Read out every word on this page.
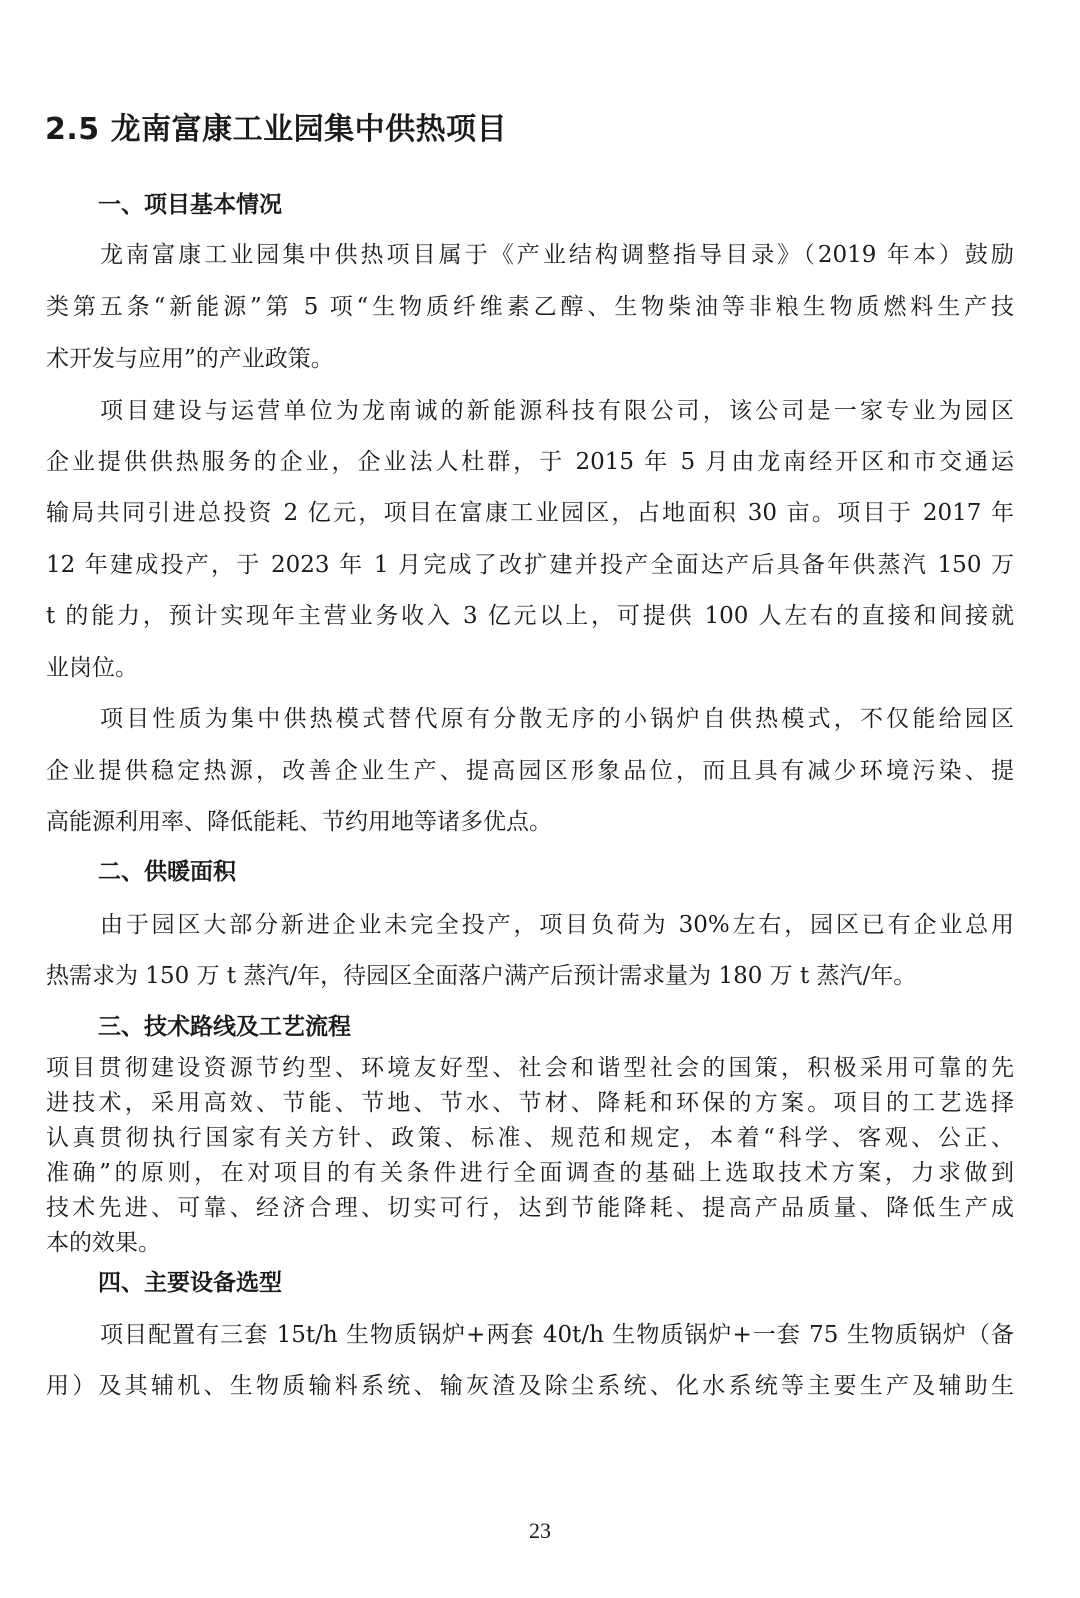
2.5 龙南富康工业园集中供热项目
一、项目基本情况
龙南富康工业园集中供热项目属于《产业结构调整指导目录》（2019 年本）鼓励
类第五条“新能源”第 5 项“生物质纤维素乙醇、生物柴油等非粮生物质燃料生产技
术开发与应用”的产业政策。
项目建设与运营单位为龙南诚的新能源科技有限公司，该公司是一家专业为园区
企业提供供热服务的企业，企业法人杜群，于 2015 年 5 月由龙南经开区和市交通运
输局共同引进总投资 2 亿元，项目在富康工业园区，占地面积 30 亩。项目于 2017 年
12 年建成投产，于 2023 年 1 月完成了改扩建并投产全面达产后具备年供蒸汽 150 万
t 的能力，预计实现年主营业务收入 3 亿元以上，可提供 100 人左右的直接和间接就
业岗位。
项目性质为集中供热模式替代原有分散无序的小锅炉自供热模式，不仅能给园区
企业提供稳定热源，改善企业生产、提高园区形象品位，而且具有减少环境污染、提
高能源利用率、降低能耗、节约用地等诸多优点。
二、供暖面积
由于园区大部分新进企业未完全投产，项目负荷为 30%左右，园区已有企业总用
热需求为 150 万 t 蒸汽/年，待园区全面落户满产后预计需求量为 180 万 t 蒸汽/年。
三、技术路线及工艺流程
项目贯彻建设资源节约型、环境友好型、社会和谐型社会的国策，积极采用可靠的先
进技术，采用高效、节能、节地、节水、节材、降耗和环保的方案。项目的工艺选择
认真贯彻执行国家有关方针、政策、标准、规范和规定，本着“科学、客观、公正、
准确”的原则，在对项目的有关条件进行全面调查的基础上选取技术方案，力求做到
技术先进、可靠、经济合理、切实可行，达到节能降耗、提高产品质量、降低生产成
本的效果。
四、主要设备选型
项目配置有三套 15t/h 生物质锅炉+两套 40t/h 生物质锅炉+一套 75 生物质锅炉（备
用）及其辅机、生物质输料系统、输灰渣及除尘系统、化水系统等主要生产及辅助生
23
